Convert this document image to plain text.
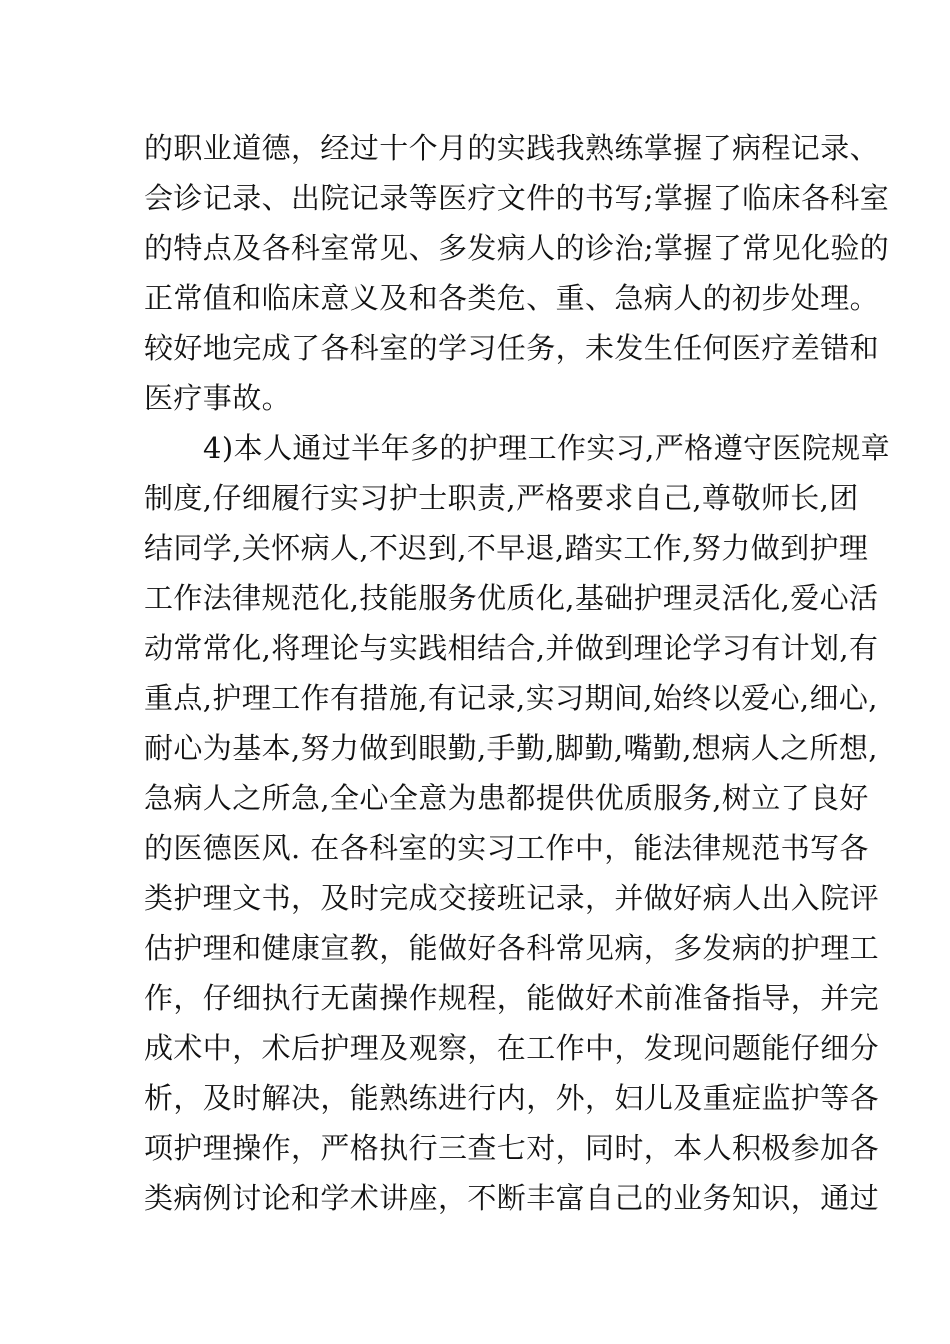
的职业道德，经过十个月的实践我熟练掌握了病程记录、
会诊记录、出院记录等医疗文件的书写;掌握了临床各科室
的特点及各科室常见、多发病人的诊治;掌握了常见化验的
正常值和临床意义及和各类危、重、急病人的初步处理。
较好地完成了各科室的学习任务，未发生任何医疗差错和
医疗事故。
4)本人通过半年多的护理工作实习,严格遵守医院规章
制度,仔细履行实习护士职责,严格要求自己,尊敬师长,团
结同学,关怀病人,不迟到,不早退,踏实工作,努力做到护理
工作法律规范化,技能服务优质化,基础护理灵活化,爱心活
动常常化,将理论与实践相结合,并做到理论学习有计划,有
重点,护理工作有措施,有记录,实习期间,始终以爱心,细心,
耐心为基本,努力做到眼勤,手勤,脚勤,嘴勤,想病人之所想,
急病人之所急,全心全意为患都提供优质服务,树立了良好
的医德医风. 在各科室的实习工作中，能法律规范书写各
类护理文书，及时完成交接班记录，并做好病人出入院评
估护理和健康宣教，能做好各科常见病，多发病的护理工
作，仔细执行无菌操作规程，能做好术前准备指导，并完
成术中，术后护理及观察，在工作中，发现问题能仔细分
析，及时解决，能熟练进行内，外，妇儿及重症监护等各
项护理操作，严格执行三查七对，同时，本人积极参加各
类病例讨论和学术讲座，不断丰富自己的业务知识，通过
